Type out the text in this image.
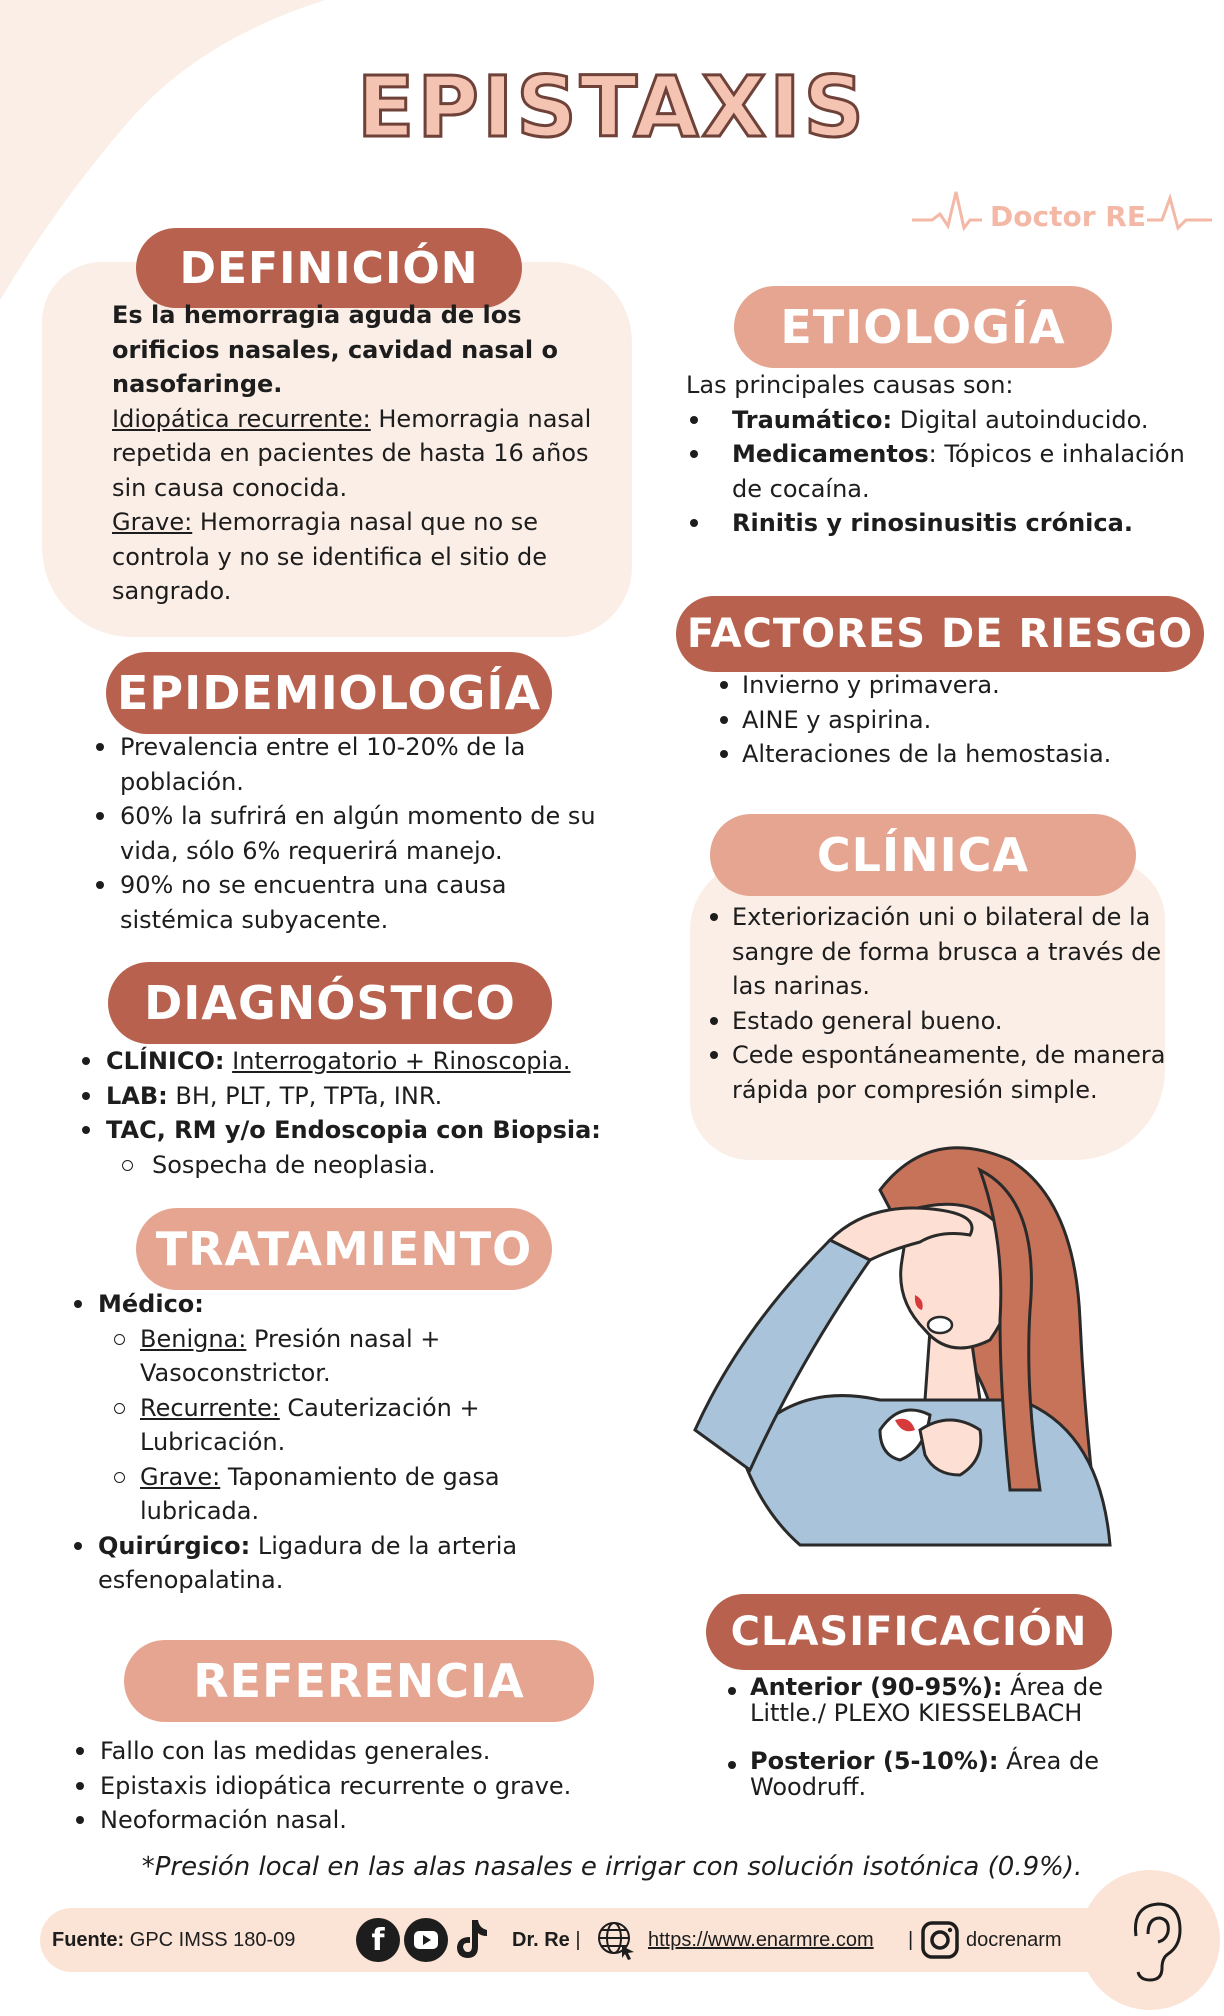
EPISTAXIS
Doctor RE
DEFINICIÓN

Es la hemorragia aguda de los orificios nasales, cavidad nasal o nasofaringe.

Idiopática recurrente: Hemorragia nasal repetida en pacientes de hasta 16 años sin causa conocida.

Grave: Hemorragia nasal que no se controla y no se identifica el sitio de sangrado.

EPIDEMIOLOGÍA
Prevalencia entre el 10-20% de la población.
60% la sufrirá en algún momento de su vida, sólo 6% requerirá manejo.
90% no se encuentra una causa sistémica subyacente.
DIAGNÓSTICO
CLÍNICO: Interrogatorio + Rinoscopia.
LAB: BH, PLT, TP, TPTa, INR.
TAC, RM y/o Endoscopia con Biopsia:
Sospecha de neoplasia.
TRATAMIENTO
Médico:
Benigna: Presión nasal + Vasoconstrictor.
Recurrente: Cauterización + Lubricación.
Grave: Taponamiento de gasa lubricada.
Quirúrgico: Ligadura de la arteria esfenopalatina.
REFERENCIA
Fallo con las medidas generales.
Epistaxis idiopática recurrente o grave.
Neoformación nasal.
ETIOLOGÍA

Las principales causas son:

Traumático: Digital autoinducido.
Medicamentos: Tópicos e inhalación de cocaína.
Rinitis y rinosinusitis crónica.
FACTORES DE RIESGO
Invierno y primavera.
AINE y aspirina.
Alteraciones de la hemostasia.
CLÍNICA
Exteriorización uni o bilateral de la sangre de forma brusca a través de las narinas.
Estado general bueno.
Cede espontáneamente, de manera rápida por compresión simple.
CLASIFICACIÓN
Anterior (90-95%): Área de Little./ PLEXO KIESSELBACH
Posterior (5-10%): Área de Woodruff.
*Presión local en las alas nasales e irrigar con solución isotónica (0.9%).
Fuente: GPC IMSS 180-09	f	Dr. Re |	https://www.enarmre.com |	docrenarm
